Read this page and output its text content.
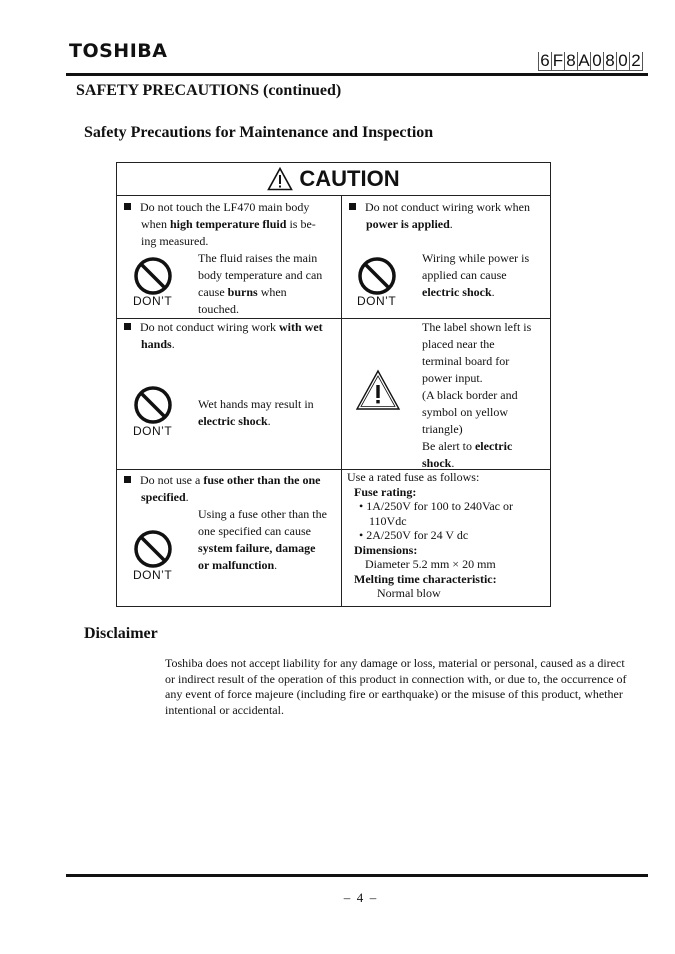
TOSHIBA	6 F 8 A 0 8 0 2
SAFETY PRECAUTIONS (continued)
Safety Precautions for Maintenance and Inspection
CAUTION
Do not touch the LF470 main body
when high temperature fluid is be-
ing measured.
DON’T
The fluid raises the main
body temperature and can
cause burns when
touched.
Do not conduct wiring work when
power is applied.
DON’T
Wiring while power is
applied can cause
electric shock.
Do not conduct wiring work with wet
hands.
DON’T
Wet hands may result in
electric shock.
The label shown left is
placed near the
terminal board for
power input.
(A black border and
symbol on yellow
triangle)
Be alert to electric
shock.
Do not use a fuse other than the one
specified.
DON’T
Using a fuse other than the
one specified can cause
system failure, damage
or malfunction.
Use a rated fuse as follows:
Fuse rating:
• 1A/250V for 100 to 240Vac or
110Vdc
• 2A/250V for 24 V dc
Dimensions:
Diameter 5.2 mm × 20 mm
Melting time characteristic:
Normal blow
Disclaimer
Toshiba does not accept liability for any damage or loss, material or personal, caused as a direct or indirect result of the operation of this product in connection with, or due to, the occurrence of any event of force majeure (including fire or earthquake) or the misuse of this product, whether intentional or accidental.
–  4  –
